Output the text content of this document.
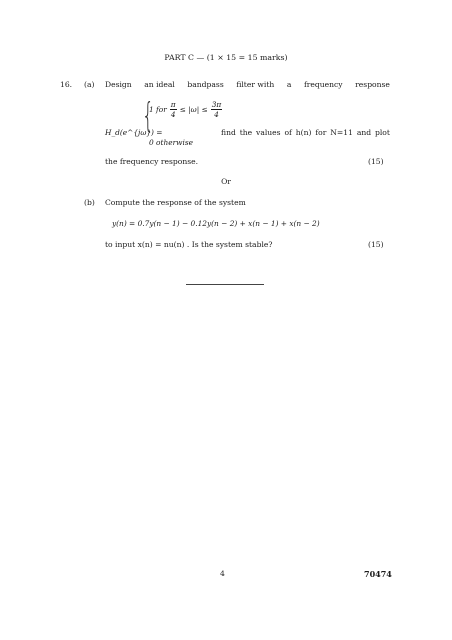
PART C — (1 × 15 = 15 marks)
16. (a) Design an ideal bandpass filter with a frequency response
H_d(e^{jω}) =
{
1 for $\frac{\pi}{4} \le |\omega| \le \frac{3\pi}{4}$
0 otherwise
find the values of h(n) for N=11 and plot
the frequency response.	(15)
Or
(b) Compute the response of the system
y(n) = 0.7y(n − 1) − 0.12y(n − 2) + x(n − 1) + x(n − 2)
to input x(n) = nu(n) . Is the system stable?	(15)
4	70474
